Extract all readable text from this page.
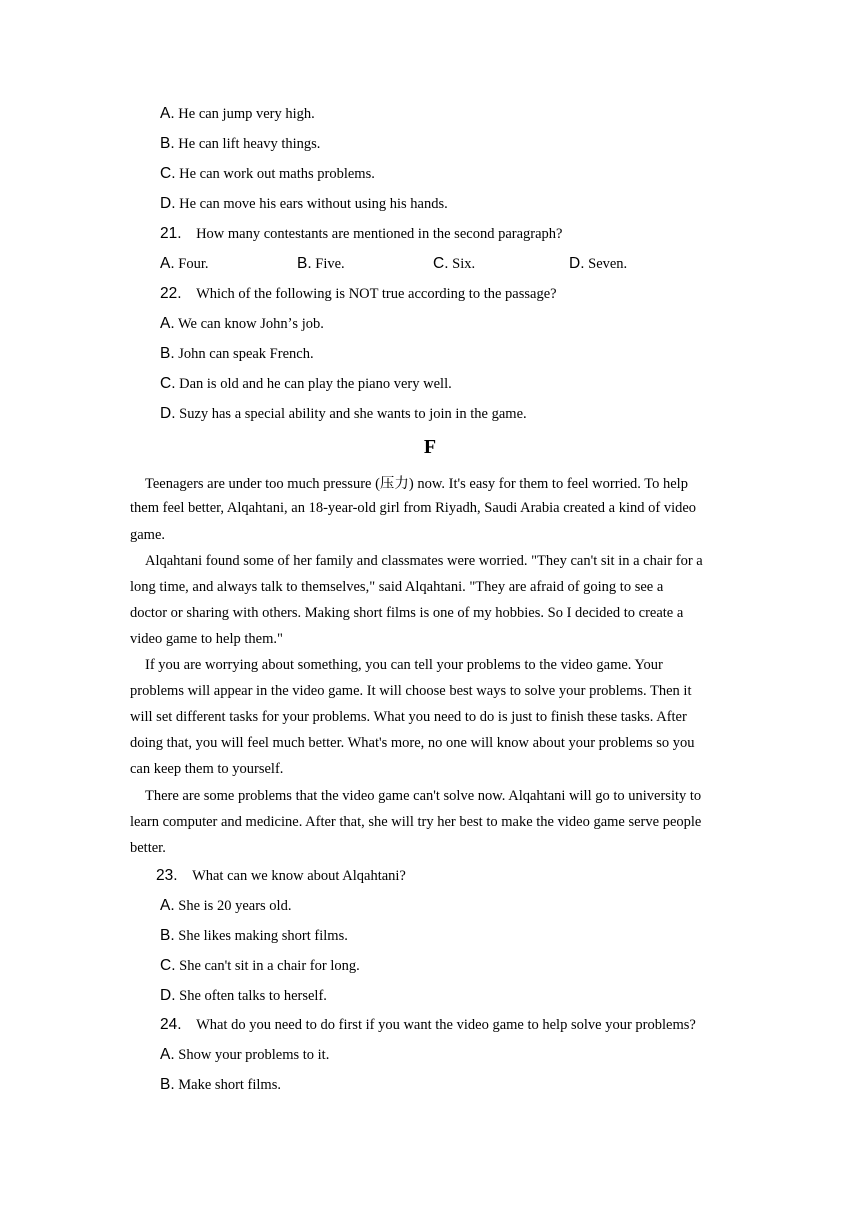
A. He can jump very high.
B. He can lift heavy things.
C. He can work out maths problems.
D. He can move his ears without using his hands.
21. How many contestants are mentioned in the second paragraph?
A. Four.	B. Five.	C. Six.	D. Seven.
22. Which of the following is NOT true according to the passage?
A. We can know Johnʼs job.
B. John can speak French.
C. Dan is old and he can play the piano very well.
D. Suzy has a special ability and she wants to join in the game.
F
Teenagers are under too much pressure (压力) now. It's easy for them to feel worried. To help
them feel better, Alqahtani, an 18-year-old girl from Riyadh, Saudi Arabia created a kind of video
game.
Alqahtani found some of her family and classmates were worried. "They can't sit in a chair for a
long time, and always talk to themselves," said Alqahtani. "They are afraid of going to see a
doctor or sharing with others. Making short films is one of my hobbies. So I decided to create a
video game to help them."
If you are worrying about something, you can tell your problems to the video game. Your
problems will appear in the video game. It will choose best ways to solve your problems. Then it
will set different tasks for your problems. What you need to do is just to finish these tasks. After
doing that, you will feel much better. What's more, no one will know about your problems so you
can keep them to yourself.
There are some problems that the video game can't solve now. Alqahtani will go to university to
learn computer and medicine. After that, she will try her best to make the video game serve people
better.
23. What can we know about Alqahtani?
A. She is 20 years old.
B. She likes making short films.
C. She can't sit in a chair for long.
D. She often talks to herself.
24. What do you need to do first if you want the video game to help solve your problems?
A. Show your problems to it.
B. Make short films.
